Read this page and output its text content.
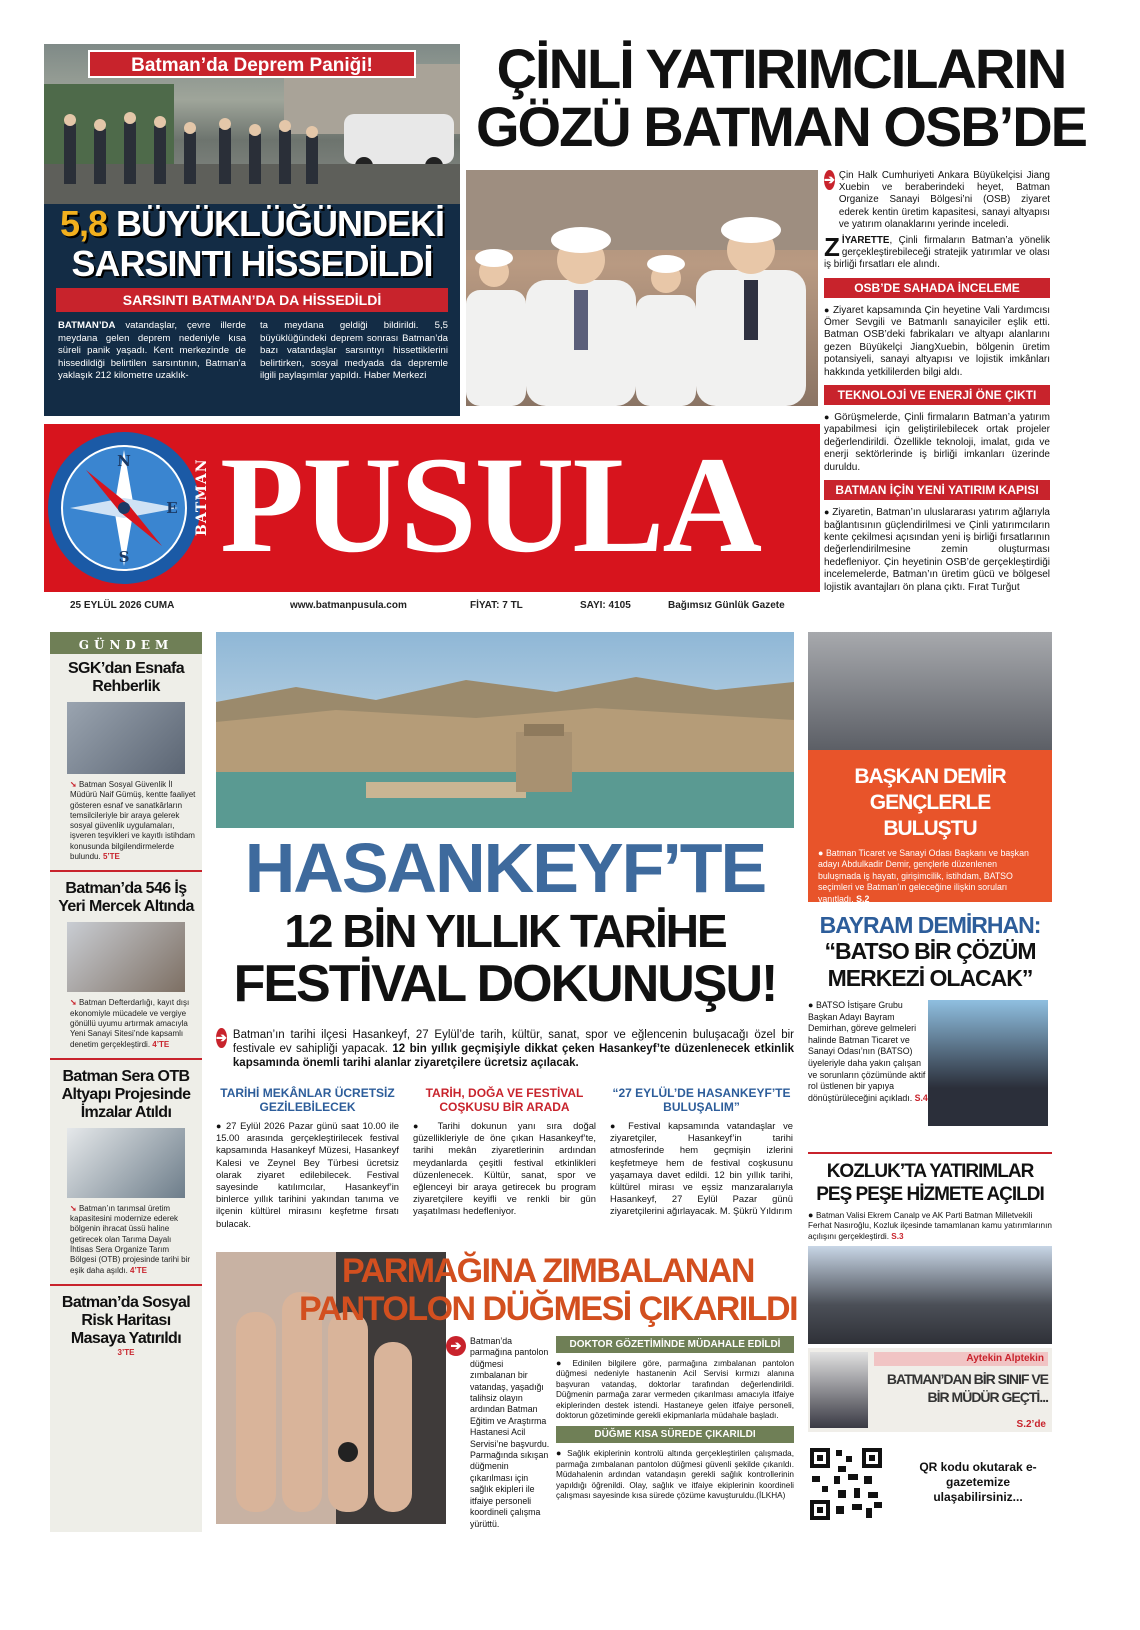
Batman’da Deprem Paniği!
5,8 BÜYÜKLÜĞÜNDEKİ
SARSINTI HİSSEDİLDİ
SARSINTI BATMAN’DA DA HİSSEDİLDİ
BATMAN’DA vatandaşlar, çevre illerde meydana gelen deprem nedeniyle kısa süreli panik yaşadı. Kent merkezinde de hissedildiği belirtilen sarsıntının, Batman’a yaklaşık 212 kilometre uzaklık-
ta meydana geldiği bildirildi. 5,5 büyüklüğündeki deprem sonrası Batman’da bazı vatandaşlar sarsıntıyı hissettiklerini belirtirken, sosyal medyada da depremle ilgili paylaşımlar yapıldı. Haber Merkezi
ÇİNLİ YATIRIMCILARIN
GÖZÜ BATMAN OSB’DE
➔ Çin Halk Cumhuriyeti Ankara Büyükelçisi Jiang Xuebin ve beraberindeki heyet, Batman Organize Sanayi Bölgesi’ni (OSB) ziyaret ederek kentin üretim kapasitesi, sanayi altyapısı ve yatırım olanaklarını yerinde inceledi.
ZİYARETTE, Çinli firmaların Batman’a yönelik gerçekleştirebileceği stratejik yatırımlar ve olası iş birliği fırsatları ele alındı.
OSB’DE SAHADA İNCELEME
● Ziyaret kapsamında Çin heyetine Vali Yardımcısı Ömer Sevgili ve Batmanlı sanayiciler eşlik etti. Batman OSB’deki fabrikaları ve altyapı alanlarını gezen Büyükelçi JiangXuebin, bölgenin üretim potansiyeli, sanayi altyapısı ve lojistik imkânları hakkında yetkililerden bilgi aldı.
TEKNOLOJİ VE ENERJİ ÖNE ÇIKTI
● Görüşmelerde, Çinli firmaların Batman’a yatırım yapabilmesi için geliştirilebilecek ortak projeler değerlendirildi. Özellikle teknoloji, imalat, gıda ve enerji sektörlerinde iş birliği imkanları üzerinde duruldu.
BATMAN İÇİN YENİ YATIRIM KAPISI
● Ziyaretin, Batman’ın uluslararası yatırım ağlarıyla bağlantısının güçlendirilmesi ve Çinli yatırımcıların kente çekilmesi açısından yeni iş birliği fırsatlarının değerlendirilmesine zemin oluşturması hedefleniyor. Çin heyetinin OSB’de gerçekleştirdiği incelemelerde, Batman’ın üretim gücü ve bölgesel lojistik avantajları ön plana çıktı. Fırat Turğut
N
S
E BATMAN PUSULA
25 EYLÜL 2026 CUMA	www.batmanpusula.com	FİYAT: 7 TL	SAYI: 4105	Bağımsız Günlük Gazete
GÜNDEM
SGK’dan Esnafa Rehberlik
➘ Batman Sosyal Güvenlik İl Müdürü Naif Gümüş, kentte faaliyet gösteren esnaf ve sanatkârların temsilcileriyle bir araya gelerek sosyal güvenlik uygulamaları, işveren teşvikleri ve kayıtlı istihdam konusunda bilgilendirmelerde bulundu. 5’TE
Batman’da 546 İş Yeri Mercek Altında
➘ Batman Defterdarlığı, kayıt dışı ekonomiyle mücadele ve vergiye gönüllü uyumu artırmak amacıyla Yeni Sanayi Sitesi’nde kapsamlı denetim gerçekleştirdi. 4’TE
Batman Sera OTB Altyapı Projesinde İmzalar Atıldı
➘ Batman’ın tarımsal üretim kapasitesini modernize ederek bölgenin ihracat üssü haline getirecek olan Tarıma Dayalı İhtisas Sera Organize Tarım Bölgesi (OTB) projesinde tarihi bir eşik daha aşıldı. 4’TE
Batman’da Sosyal Risk Haritası Masaya Yatırıldı
3’TE
HASANKEYF’TE
12 BİN YILLIK TARİHE
FESTİVAL DOKUNUŞU!
➔ Batman’ın tarihi ilçesi Hasankeyf, 27 Eylül’de tarih, kültür, sanat, spor ve eğlencenin buluşacağı özel bir festivale ev sahipliği yapacak. 12 bin yıllık geçmişiyle dikkat çeken Hasankeyf’te düzenlenecek etkinlik kapsamında önemli tarihi alanlar ziyaretçilere ücretsiz açılacak.
TARİHİ MEKÂNLAR ÜCRETSİZ GEZİLEBİLECEK
● 27 Eylül 2026 Pazar günü saat 10.00 ile 15.00 arasında gerçekleştirilecek festival kapsamında Hasankeyf Müzesi, Hasankeyf Kalesi ve Zeynel Bey Türbesi ücretsiz olarak ziyaret edilebilecek. Festival sayesinde katılımcılar, Hasankeyf’in binlerce yıllık tarihini yakından tanıma ve ilçenin kültürel mirasını keşfetme fırsatı bulacak.
TARİH, DOĞA VE FESTİVAL COŞKUSU BİR ARADA
● Tarihi dokunun yanı sıra doğal güzellikleriyle de öne çıkan Hasankeyf’te, tarihi mekân ziyaretlerinin ardından meydanlarda çeşitli festival etkinlikleri düzenlenecek. Kültür, sanat, spor ve eğlenceyi bir araya getirecek bu program ziyaretçilere keyifli ve renkli bir gün yaşatılması hedefleniyor.
“27 EYLÜL’DE HASANKEYF’TE BULUŞALIM”
● Festival kapsamında vatandaşlar ve ziyaretçiler, Hasankeyf’in tarihi atmosferinde hem geçmişin izlerini keşfetmeye hem de festival coşkusunu yaşamaya davet edildi. 12 bin yıllık tarihi, kültürel mirası ve eşsiz manzaralarıyla Hasankeyf, 27 Eylül Pazar günü ziyaretçilerini ağırlayacak. M. Şükrü Yıldırım
PARMAĞINA ZIMBALANAN
PANTOLON DÜĞMESİ ÇIKARILDI
➔ Batman’da parmağına pantolon düğmesi zımbalanan bir vatandaş, yaşadığı talihsiz olayın ardından Batman Eğitim ve Araştırma Hastanesi Acil Servisi’ne başvurdu. Parmağında sıkışan düğmenin çıkarılması için sağlık ekipleri ile itfaiye personeli koordineli çalışma yürüttü.
DOKTOR GÖZETİMİNDE MÜDAHALE EDİLDİ
● Edinilen bilgilere göre, parmağına zımbalanan pantolon düğmesi nedeniyle hastanenin Acil Servisi kırmızı alanına başvuran vatandaş, doktorlar tarafından değerlendirildi. Düğmenin parmağa zarar vermeden çıkarılması amacıyla itfaiye ekiplerinden destek istendi. Hastaneye gelen itfaiye personeli, doktorun gözetiminde gerekli ekipmanlarla müdahale başladı.
DÜĞME KISA SÜREDE ÇIKARILDI
● Sağlık ekiplerinin kontrolü altında gerçekleştirilen çalışmada, parmağa zımbalanan pantolon düğmesi güvenli şekilde çıkarıldı. Müdahalenin ardından vatandaşın gerekli sağlık kontrollerinin yapıldığı öğrenildi. Olay, sağlık ve itfaiye ekiplerinin koordineli çalışması sayesinde kısa sürede çözüme kavuşturuldu.(İLKHA)
BAŞKAN DEMİR GENÇLERLE BULUŞTU
● Batman Ticaret ve Sanayi Odası Başkanı ve başkan adayı Abdulkadir Demir, gençlerle düzenlenen buluşmada iş hayatı, girişimcilik, istihdam, BATSO seçimleri ve Batman’ın geleceğine ilişkin soruları yanıtladı. S.2
BAYRAM DEMİRHAN:
“BATSO BİR ÇÖZÜM MERKEZİ OLACAK”
● BATSO İstişare Grubu Başkan Adayı Bayram Demirhan, göreve gelmeleri halinde Batman Ticaret ve Sanayi Odası’nın (BATSO) üyeleriyle daha yakın çalışan ve sorunların çözümünde aktif rol üstlenen bir yapıya dönüştürüleceğini açıkladı. S.4
KOZLUK’TA YATIRIMLAR PEŞ PEŞE HİZMETE AÇILDI
● Batman Valisi Ekrem Canalp ve AK Parti Batman Milletvekili Ferhat Nasıroğlu, Kozluk ilçesinde tamamlanan kamu yatırımlarının açılışını gerçekleştirdi. S.3
Aytekin Alptekin
BATMAN’DAN BİR SINIF VE BİR MÜDÜR GEÇTİ...
S.2’de
QR kodu okutarak e-gazetemize ulaşabilirsiniz...
